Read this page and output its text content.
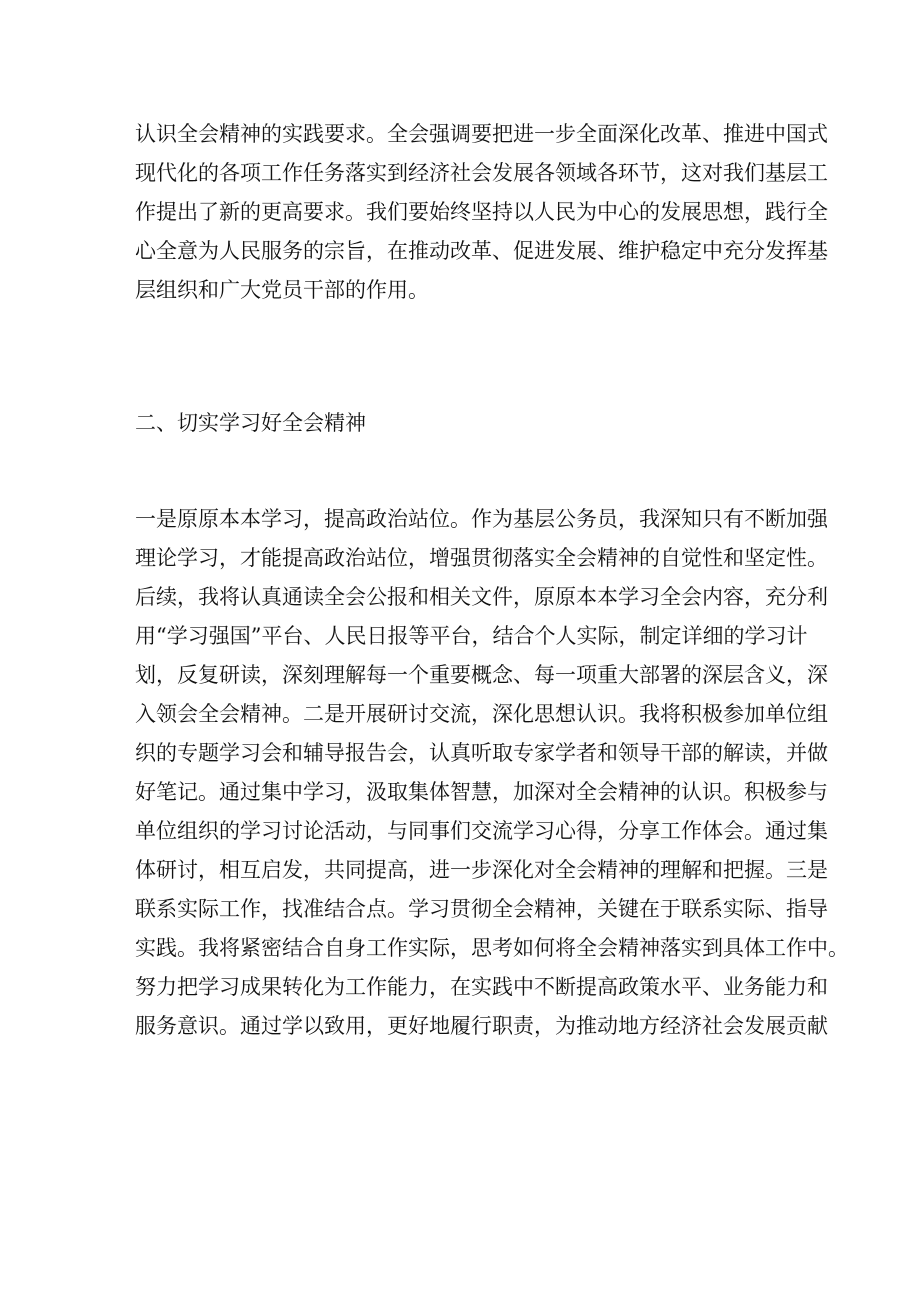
认识全会精神的实践要求。全会强调要把进一步全面深化改革、推进中国式
现代化的各项工作任务落实到经济社会发展各领域各环节，这对我们基层工
作提出了新的更高要求。我们要始终坚持以人民为中心的发展思想，践行全
心全意为人民服务的宗旨，在推动改革、促进发展、维护稳定中充分发挥基
层组织和广大党员干部的作用。
二、切实学习好全会精神
一是原原本本学习，提高政治站位。作为基层公务员，我深知只有不断加强
理论学习，才能提高政治站位，增强贯彻落实全会精神的自觉性和坚定性。
后续，我将认真通读全会公报和相关文件，原原本本学习全会内容，充分利
用“学习强国”平台、人民日报等平台，结合个人实际，制定详细的学习计
划，反复研读，深刻理解每一个重要概念、每一项重大部署的深层含义，深
入领会全会精神。二是开展研讨交流，深化思想认识。我将积极参加单位组
织的专题学习会和辅导报告会，认真听取专家学者和领导干部的解读，并做
好笔记。通过集中学习，汲取集体智慧，加深对全会精神的认识。积极参与
单位组织的学习讨论活动，与同事们交流学习心得，分享工作体会。通过集
体研讨，相互启发，共同提高，进一步深化对全会精神的理解和把握。三是
联系实际工作，找准结合点。学习贯彻全会精神，关键在于联系实际、指导
实践。我将紧密结合自身工作实际，思考如何将全会精神落实到具体工作中。
努力把学习成果转化为工作能力，在实践中不断提高政策水平、业务能力和
服务意识。通过学以致用，更好地履行职责，为推动地方经济社会发展贡献
